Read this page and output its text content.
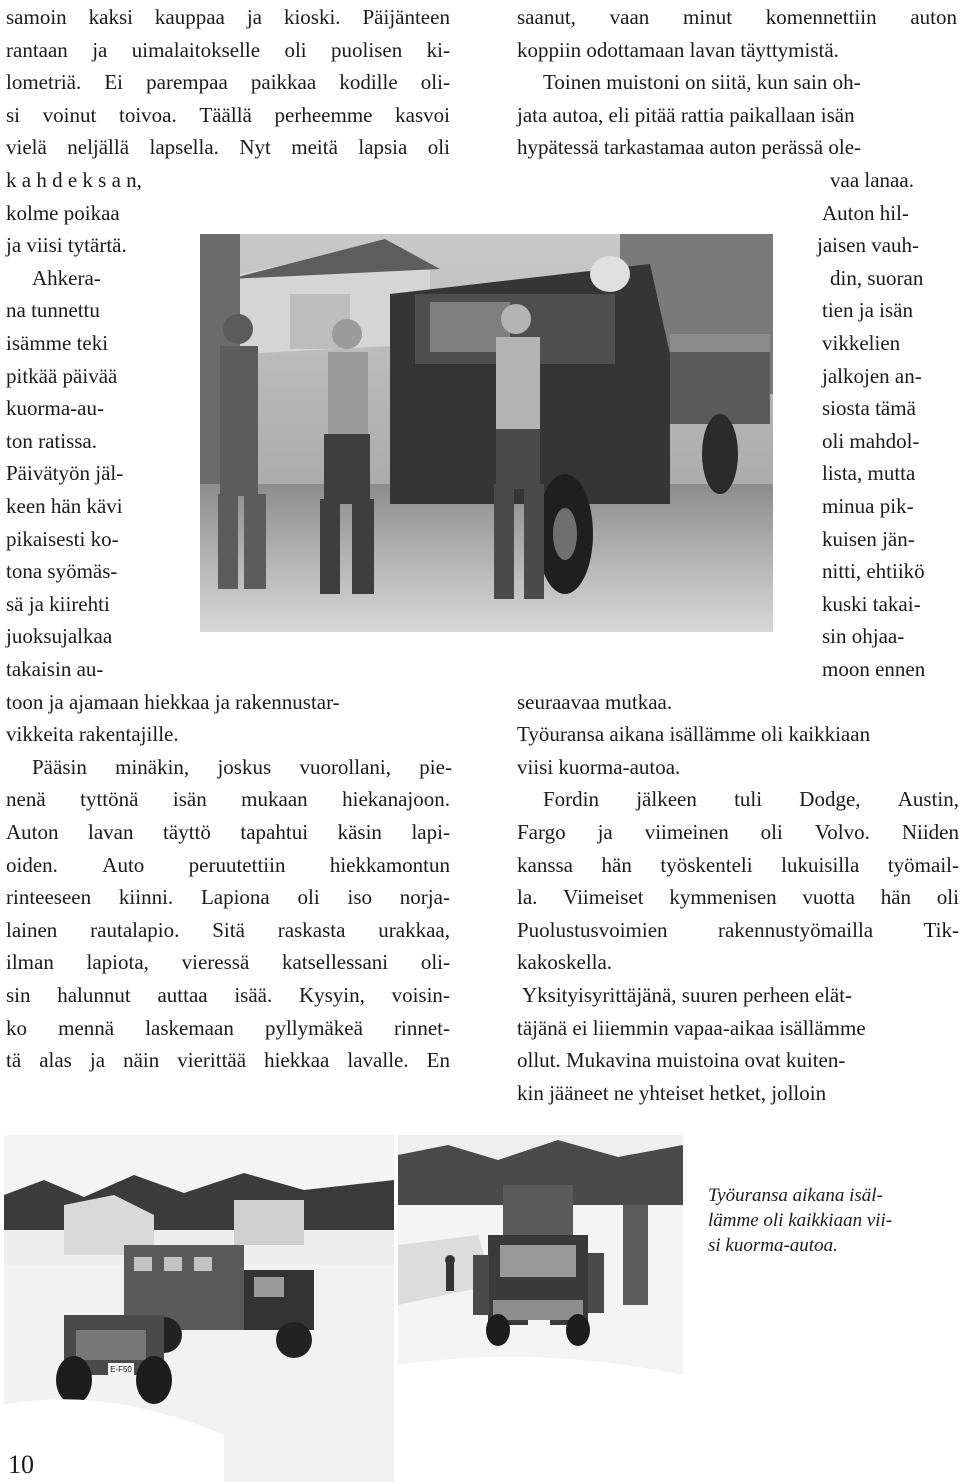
E-F50
samoin kaksi kauppaa ja kioski. Päijänteen
rantaan ja uimalaitokselle oli puolisen ki-
lometriä. Ei parempaa paikkaa kodille oli-
si voinut toivoa. Täällä perheemme kasvoi
vielä neljällä lapsella. Nyt meitä lapsia oli
k a h d e k s a n,
kolme poikaa
ja viisi tytärtä.
Ahkera-
na tunnettu
isämme teki
pitkää päivää
kuorma-au-
ton ratissa.
Päivätyön jäl-
keen hän kävi
pikaisesti ko-
tona syömäs-
sä ja kiirehti
juoksujalkaa
takaisin au-
toon ja ajamaan hiekkaa ja rakennustar-
vikkeita rakentajille.
Pääsin minäkin, joskus vuorollani, pie-
nenä tyttönä isän mukaan hiekanajoon.
Auton lavan täyttö tapahtui käsin lapi-
oiden. Auto peruutettiin hiekkamontun
rinteeseen kiinni. Lapiona oli iso norja-
lainen rautalapio. Sitä raskasta urakkaa,
ilman lapiota, vieressä katsellessani oli-
sin halunnut auttaa isää. Kysyin, voisin-
ko mennä laskemaan pyllymäkeä rinnet-
tä alas ja näin vierittää hiekkaa lavalle. En
saanut, vaan minut komennettiin auton
koppiin odottamaan lavan täyttymistä.
Toinen muistoni on siitä, kun sain oh-
jata autoa, eli pitää rattia paikallaan isän
hypätessä tarkastamaa auton perässä ole-
vaa lanaa.
Auton hil-
jaisen vauh-
din, suoran
tien ja isän
vikkelien
jalkojen an-
siosta tämä
oli mahdol-
lista, mutta
minua pik-
kuisen jän-
nitti, ehtiikö
kuski takai-
sin ohjaa-
moon ennen
seuraavaa mutkaa.
Työuransa aikana isällämme oli kaikkiaan
viisi kuorma-autoa.
Fordin jälkeen tuli Dodge, Austin,
Fargo ja viimeinen oli Volvo. Niiden
kanssa hän työskenteli lukuisilla työmail-
la. Viimeiset kymmenisen vuotta hän oli
Puolustusvoimien rakennustyömailla Tik-
kakoskella.
Yksityisyrittäjänä, suuren perheen elät-
täjänä ei liiemmin vapaa-aikaa isällämme
ollut. Mukavina muistoina ovat kuiten-
kin jääneet ne yhteiset hetket, jolloin
Työuransa aikana isäl-
lämme oli kaikkiaan vii-
si kuorma-autoa.
10
